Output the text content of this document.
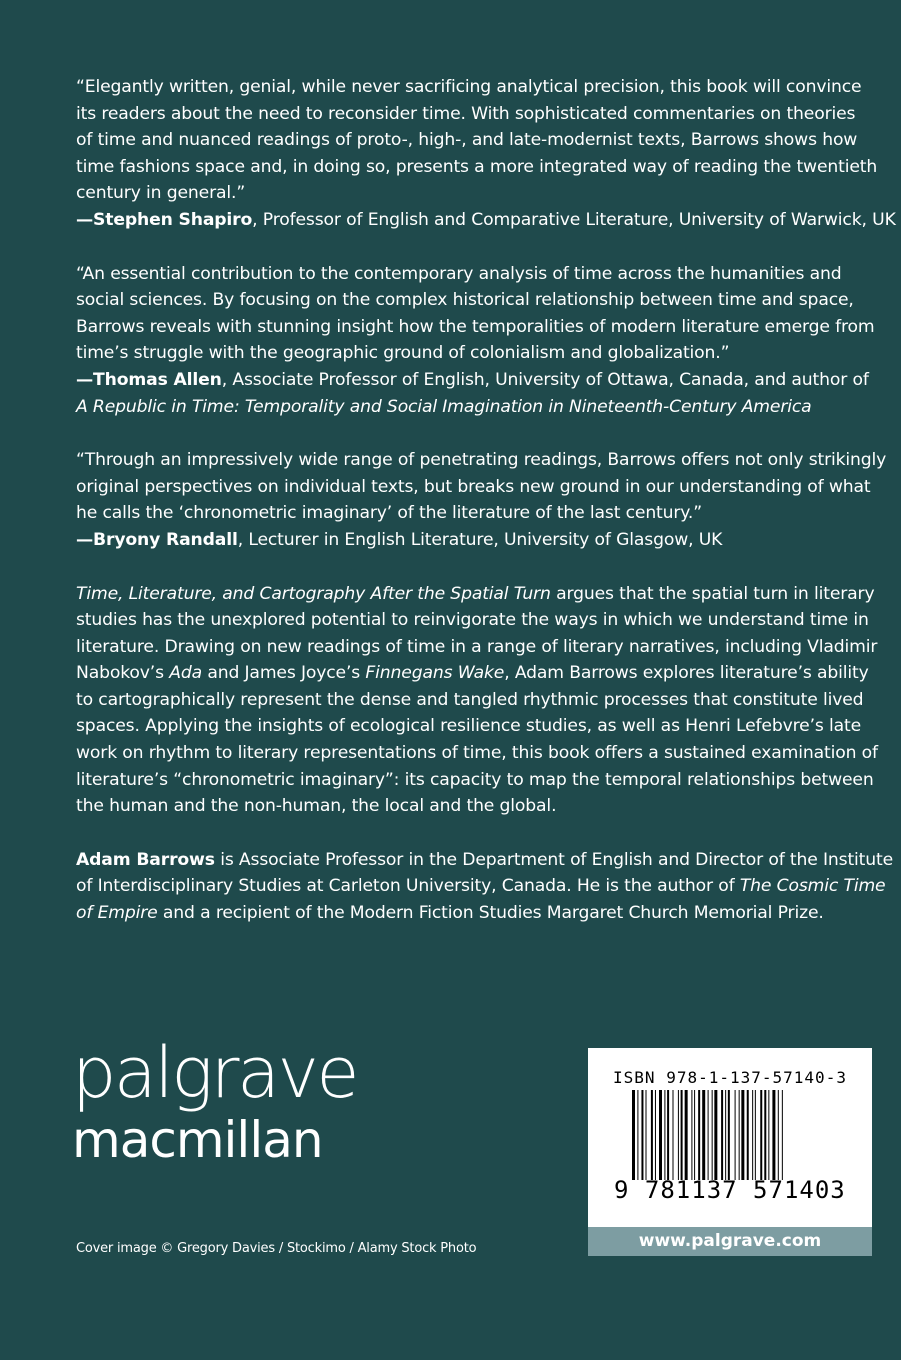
“Elegantly written, genial, while never sacrificing analytical precision, this book will convince
its readers about the need to reconsider time. With sophisticated commentaries on theories
of time and nuanced readings of proto-, high-, and late-modernist texts, Barrows shows how
time fashions space and, in doing so, presents a more integrated way of reading the twentieth
century in general.”
—Stephen Shapiro, Professor of English and Comparative Literature, University of Warwick, UK

“An essential contribution to the contemporary analysis of time across the humanities and
social sciences. By focusing on the complex historical relationship between time and space,
Barrows reveals with stunning insight how the temporalities of modern literature emerge from
time’s struggle with the geographic ground of colonialism and globalization.”
—Thomas Allen, Associate Professor of English, University of Ottawa, Canada, and author of
A Republic in Time: Temporality and Social Imagination in Nineteenth-Century America

“Through an impressively wide range of penetrating readings, Barrows offers not only strikingly
original perspectives on individual texts, but breaks new ground in our understanding of what
he calls the ‘chronometric imaginary’ of the literature of the last century.”
—Bryony Randall, Lecturer in English Literature, University of Glasgow, UK

Time, Literature, and Cartography After the Spatial Turn argues that the spatial turn in literary
studies has the unexplored potential to reinvigorate the ways in which we understand time in
literature. Drawing on new readings of time in a range of literary narratives, including Vladimir
Nabokov’s Ada and James Joyce’s Finnegans Wake, Adam Barrows explores literature’s ability
to cartographically represent the dense and tangled rhythmic processes that constitute lived
spaces. Applying the insights of ecological resilience studies, as well as Henri Lefebvre’s late
work on rhythm to literary representations of time, this book offers a sustained examination of
literature’s “chronometric imaginary”: its capacity to map the temporal relationships between
the human and the non-human, the local and the global.

Adam Barrows is Associate Professor in the Department of English and Director of the Institute
of Interdisciplinary Studies at Carleton University, Canada. He is the author of The Cosmic Time
of Empire and a recipient of the Modern Fiction Studies Margaret Church Memorial Prize.

palgrave
macmillan
Cover image © Gregory Davies / Stockimo / Alamy Stock Photo
ISBN 978-1-137-57140-3
9 781137 571403
www.palgrave.com
